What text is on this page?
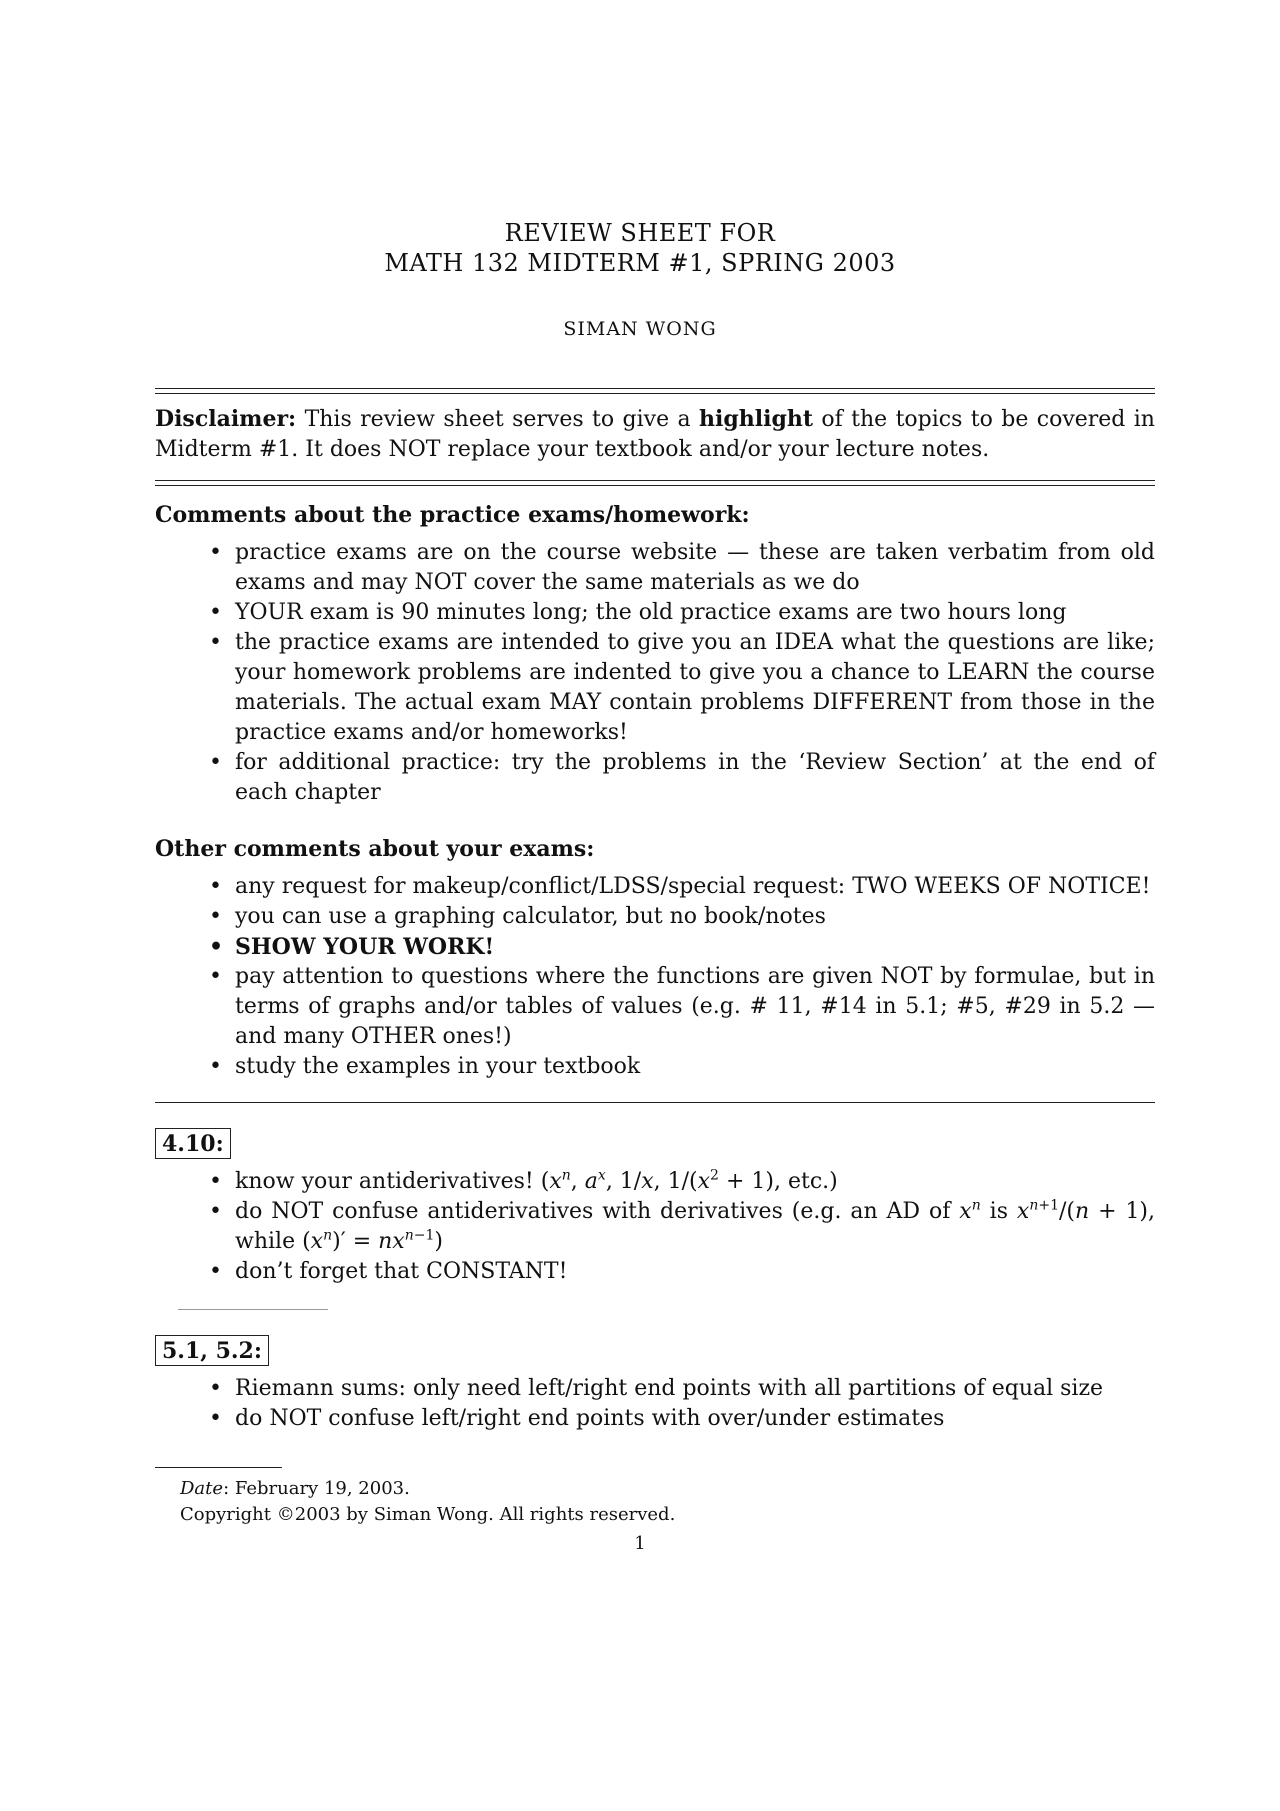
REVIEW SHEET FOR
MATH 132 MIDTERM #1, SPRING 2003
SIMAN WONG
Disclaimer: This review sheet serves to give a highlight of the topics to be covered in Midterm #1. It does NOT replace your textbook and/or your lecture notes.

Comments about the practice exams/homework:

• practice exams are on the course website — these are taken verbatim from old exams and may NOT cover the same materials as we do
• YOUR exam is 90 minutes long; the old practice exams are two hours long
• the practice exams are intended to give you an IDEA what the questions are like; your homework problems are indented to give you a chance to LEARN the course materials. The actual exam MAY contain problems DIFFERENT from those in the practice exams and/or homeworks!
• for additional practice: try the problems in the ‘Review Section’ at the end of each chapter

Other comments about your exams:

• any request for makeup/conflict/LDSS/special request: TWO WEEKS OF NOTICE!
• you can use a graphing calculator, but no book/notes
• SHOW YOUR WORK!
• pay attention to questions where the functions are given NOT by formulae, but in terms of graphs and/or tables of values (e.g. # 11, #14 in 5.1; #5, #29 in 5.2 — and many OTHER ones!)
• study the examples in your textbook
4.10:
• know your antiderivatives! ($x^n$, $a^x$, 1/x, $1/(x^2 + 1)$, etc.)
• do NOT confuse antiderivatives with derivatives (e.g. an AD of $x^n$ is $x^{n+1}/(n + 1)$, while $(x^n)' = nx^{n-1}$)
• don’t forget that CONSTANT!
5.1, 5.2:
• Riemann sums: only need left/right end points with all partitions of equal size
• do NOT confuse left/right end points with over/under estimates
Date: February 19, 2003.
Copyright ©2003 by Siman Wong. All rights reserved.
1
